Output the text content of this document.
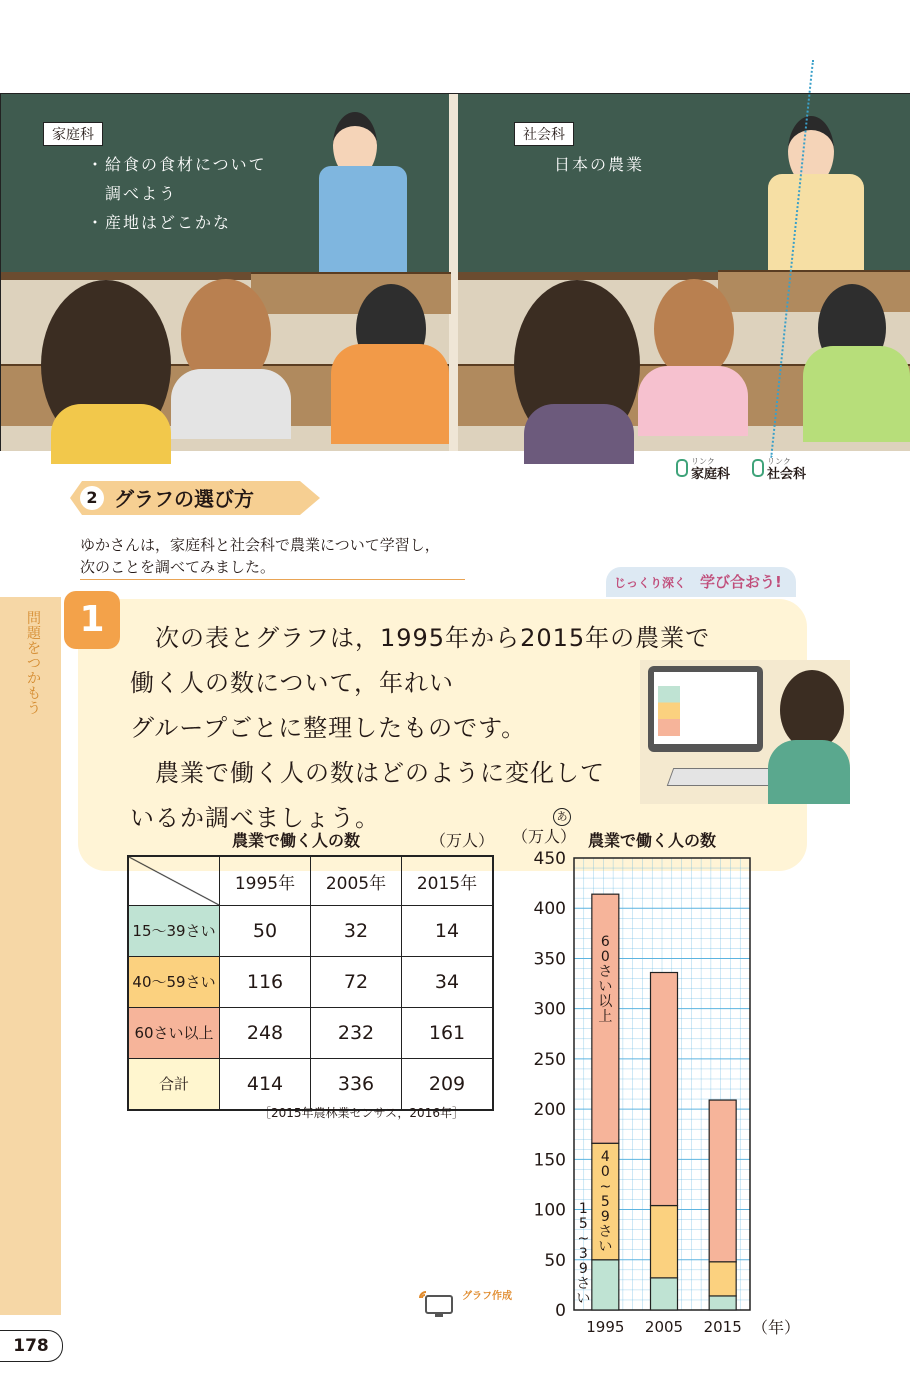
家庭科
・給食の食材について
　調べよう
・産地はどこかな
社会科
日本の農業
リンク
家庭科
リンク
社会科
2 グラフの選び方
ゆかさんは，家庭科と社会科で農業について学習し，
次のことを調べてみました。
じっくり深く 学び合おう!
問題をつかもう
1	　次の表とグラフは，1995年から2015年の農業で
働く人の数について，年れい
グループごとに整理したものです。
　農業で働く人の数はどのように変化して
いるか調べましょう。
農業で働く人の数	（万人）
	1995年	2005年	2015年
15～39さい	50	32	14
40～59さい	116	72	34
60さい以上	248	232	161
合計	414	336	209
［2015年農林業センサス，2016年］
あ
（万人） 農業で働く人の数
0
50
100
150
200
250
300
350
400
450
1995 2005 2015 （年）
1 5 ~ 3 9 さい
4 0 ~ 5 9 さい
6 0 さい以上
グラフ作成
178
